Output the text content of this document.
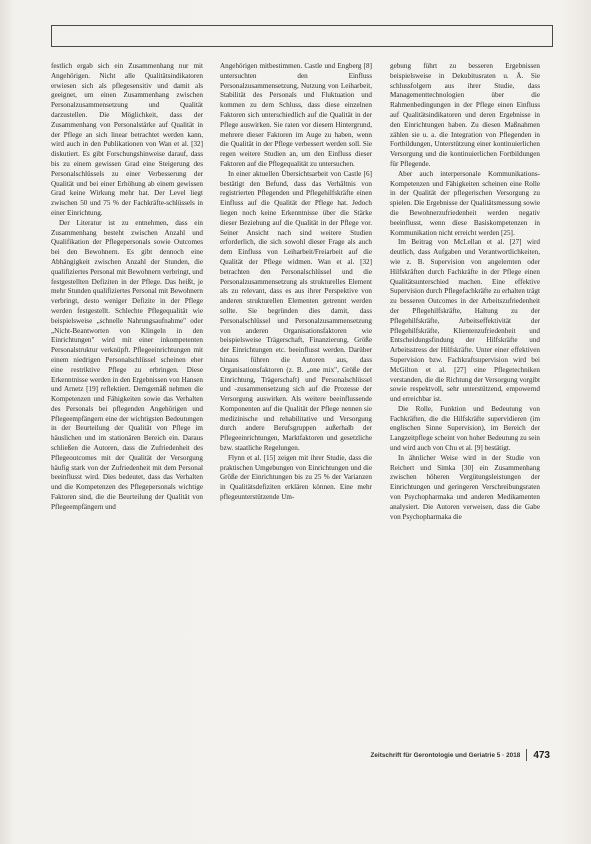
festlich ergab sich ein Zusammenhang nur mit Angehörigen. Nicht alle Qualitätsindikatoren erwiesen sich als pflegesensitiv und damit als geeignet, um einen Zusammenhang zwischen Personalzusammensetzung und Qualität darzustellen. Die Möglichkeit, dass der Zusammenhang von Personalstärke auf Qualität in der Pflege an sich linear betrachtet werden kann, wird auch in den Publikationen von Wan et al. [32] diskutiert. Es gibt Forschungshinweise darauf, dass bis zu einem gewissen Grad eine Steigerung des Personalschlüssels zu einer Verbesserung der Qualität und bei einer Erhöhung ab einem gewissen Grad keine Wirkung mehr hat. Der Level liegt zwischen 50 und 75 % der Fachkräfte-schlüssels in einer Einrichtung.

Der Literatur ist zu entnehmen, dass ein Zusammenhang besteht zwischen Anzahl und Qualifikation der Pflegepersonals sowie Outcomes bei den Bewohnern. Es gibt dennoch eine Abhängigkeit zwischen Anzahl der Stunden, die qualifiziertes Personal mit Bewohnern verbringt, und festgestellten Defiziten in der Pflege. Das heißt, je mehr Stunden qualifiziertes Personal mit Bewohnern verbringt, desto weniger Defizite in der Pflege werden festgestellt. Schlechte Pflegequalität wie beispielsweise „schnelle Nahrungsaufnahme" oder „Nicht-Beantworten von Klingeln in den Einrichtungen" wird mit einer inkompetenten Personalstruktur verknüpft. Pflegeeinrichtungen mit einem niedrigen Personalschlüssel scheinen eher eine restriktive Pflege zu erbringen. Diese Erkenntnisse werden in den Ergebnissen von Hansen und Arnetz [19] reflektiert. Demgemäß nehmen die Kompetenzen und Fähigkeiten sowie das Verhalten des Personals bei pflegenden Angehörigen und Pflegeempfängern eine der wichtigsten Bedeutungen in der Beurteilung der Qualität von Pflege im häuslichen und im stationären Bereich ein. Daraus schließen die Autoren, dass die Zufriedenheit des Pflegeoutcomes mit der Qualität der Versorgung häufig stark von der Zufriedenheit mit dem Personal beeinflusst wird. Dies bedeutet, dass das Verhalten und die Kompetenzen des Pflegepersonals wichtige Faktoren sind, die die Beurteilung der Qualität von Pflegeempfängern und

Angehörigen mitbestimmen. Castle und Engberg [8] untersuchten den Einfluss Personalzusammensetzung, Nutzung von Leiharbeit, Stabilität des Personals und Fluktuation und kommen zu dem Schluss, dass diese einzelnen Faktoren sich unterschiedlich auf die Qualität in der Pflege auswirken. Sie raten vor diesem Hintergrund, mehrere dieser Faktoren im Auge zu haben, wenn die Qualität in der Pflege verbessert werden soll. Sie regen weitere Studien an, um den Einfluss dieser Faktoren auf die Pflegequalität zu untersuchen.

In einer aktuellen Übersichtsarbeit von Castle [6] bestätigt den Befund, dass das Verhältnis von registrierten Pflegenden und Pflegehilfskräfte einen Einfluss auf die Qualität der Pflege hat. Jedoch liegen noch keine Erkenntnisse über die Stärke dieser Beziehung auf die Qualität in der Pflege vor. Seiner Ansicht nach sind weitere Studien erforderlich, die sich sowohl dieser Frage als auch dem Einfluss von Leiharbeit/Freiarbeit auf die Qualität der Pflege widmen. Wan et al. [32] betrachten den Personalschlüssel und die Personalzusammensetzung als strukturelles Element als zu relevant, dass es aus ihrer Perspektive von anderen strukturellen Elementen getrennt werden sollte. Sie begründen dies damit, dass Personalschlüssel und Personalzusammensetzung von anderen Organisationsfaktoren wie beispielsweise Trägerschaft, Finanzierung, Größe der Einrichtungen etc. beeinflusst werden. Darüber hinaus führen die Autoren aus, dass Organisationsfaktoren (z. B. „one mix", Größe der Einrichtung, Trägerschaft) und Personalschlüssel und -zusammensetzung sich auf die Prozesse der Versorgung auswirken. Als weitere beeinflussende Komponenten auf die Qualität der Pflege nennen sie medizinische und rehabilitative und Versorgung durch andere Berufsgruppen außerhalb der Pflegeeinrichtungen, Marktfaktoren und gesetzliche bzw. staatliche Regelungen.

Flynn et al. [15] zeigen mit ihrer Studie, dass die praktischen Umgebungen von Einrichtungen und die Größe der Einrichtungen bis zu 25 % der Varianzen in Qualitätsdefiziten erklären können. Eine mehr pflegeunterstützende Um-

gebung führt zu besseren Ergebnissen beispielsweise in Dekubitusraten u. Ä. Sie schlussfolgern aus ihrer Studie, dass Managementtechnologien über die Rahmenbedingungen in der Pflege einen Einfluss auf Qualitätsindikatoren und deren Ergebnisse in den Einrichtungen haben. Zu diesen Maßnahmen zählen sie u. a. die Integration von Pflegenden in Fortbildungen, Unterstützung einer kontinuierlichen Versorgung und die kontinuierlichen Fortbildungen für Pflegende.

Aber auch interpersonale Kommunikations-Kompetenzen und Fähigkeiten scheinen eine Rolle in der Qualität der pflegerischen Versorgung zu spielen. Die Ergebnisse der Qualitätsmessung sowie die Bewohnerzufriedenheit werden negativ beeinflusst, wenn diese Basiskompetenzen in Kommunikation nicht erreicht werden [25].

Im Beitrag von McLellan et al. [27] wird deutlich, dass Aufgaben und Verantwortlichkeiten, wie z. B. Supervision von angelernten oder Hilfskräften durch Fachkräfte in der Pflege einen Qualitätsunterschied machen. Eine effektive Supervision durch Pflegefachkräfte zu erhalten trägt zu besseren Outcomes in der Arbeitszufriedenheit der Pflegehilfskräfte, Haltung zu der Pflegehilfskräfte, Arbeitseffektivität der Pflegehilfskräfte, Klientenzufriedenheit und Entscheidungsfindung der Hilfskräfte und Arbeitsstress der Hilfskräfte. Unter einer effektiven Supervision bzw. Fachkraftsupervision wird bei McGilton et al. [27] eine Pflegetechniken verstanden, die die Richtung der Versorgung vorgibt sowie respektvoll, sehr unterstützend, empowernd und erreichbar ist.

Die Rolle, Funktion und Bedeutung von Fachkräften, die die Hilfskräfte supervidieren (im englischen Sinne Supervision), im Bereich der Langzeitpflege scheint von hoher Bedeutung zu sein und wird auch von Chu et al. [9] bestätigt.

In ähnlicher Weise wird in der Studie von Reichert und Simka [30] ein Zusammenhang zwischen höheren Vergütungsleistungen der Einrichtungen und geringeren Verschreibungsraten von Psychopharmaka und anderen Medikamenten analysiert. Die Autoren verweisen, dass die Gabe von Psychopharmaka die

Zeitschrift für Gerontologie und Geriatrie 5 · 2018 473
